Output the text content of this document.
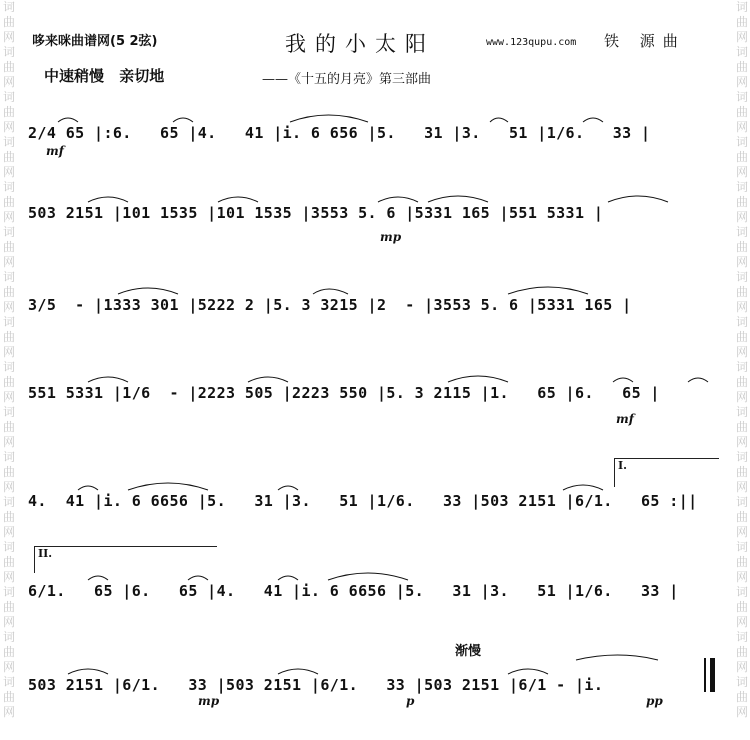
词
曲
网
词
曲
网
词
曲
网
词
曲
网
词
曲
网
词
曲
网
词
曲
网
词
曲
网
词
曲
网
词
曲
网
词
曲
网
词
曲
网
词
曲
网
词
曲
网
词
曲
网
词
曲
网
词
曲
网
词
曲
网
词
曲
网
词
曲
网
词
曲
网
词
曲
网
词
曲
网
词
曲
网
词
曲
网
词
曲
网
词
曲
网
词
曲
网
词
曲
网
词
曲
网
词
曲
网
词
曲
网
哆来咪曲谱网(5 2弦)	我的小太阳	www.123qupu.com 铁 源曲
中速稍慢 亲切地	——《十五的月亮》第三部曲
2/4 65 |:6.   65 |4.   41 |i. 6 656 |5.   31 |3.   51 |1/6.   33 |
mf
503 2151 |101 1535 |101 1535 |3553 5. 6 |5331 165 |551 5331 |
mp
3/5  - |1333 301 |5222 2 |5. 3 3215 |2  - |3553 5. 6 |5331 165 |
551 5331 |1/6  - |2223 505 |2223 550 |5. 3 2115 |1.   65 |6.   65 |
mf
I.
4.  41 |i. 6 6656 |5.   31 |3.   51 |1/6.   33 |503 2151 |6/1.   65 :||
II.
6/1.   65 |6.   65 |4.   41 |i. 6 6656 |5.   31 |3.   51 |1/6.   33 |
渐慢
503 2151 |6/1.   33 |503 2151 |6/1.   33 |503 2151 |6/1 - |i.
mp	p	pp
